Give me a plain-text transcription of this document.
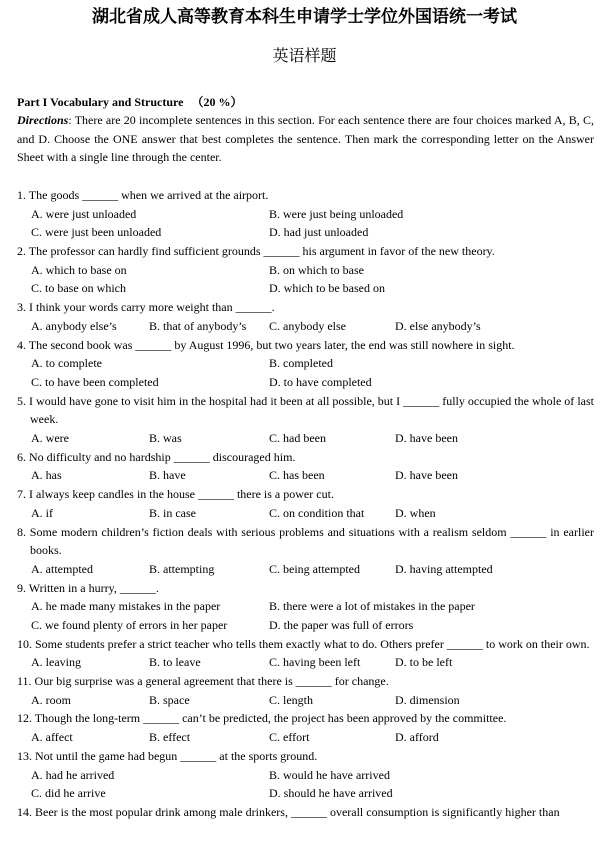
湖北省成人高等教育本科生申请学士学位外国语统一考试
英语样题
Part I Vocabulary and Structure （20 %）
Directions: There are 20 incomplete sentences in this section. For each sentence there are four choices marked A, B, C, and D. Choose the ONE answer that best completes the sentence. Then mark the corresponding letter on the Answer Sheet with a single line through the center.
1. The goods ______ when we arrived at the airport.
A. were just unloaded	B. were just being unloaded
C. were just been unloaded	D. had just unloaded
2. The professor can hardly find sufficient grounds ______ his argument in favor of the new theory.
A. which to base on	B. on which to base
C. to base on which	D. which to be based on
3. I think your words carry more weight than ______.
A. anybody else’s	B. that of anybody’s C. anybody else	D. else anybody’s
4. The second book was ______ by August 1996, but two years later, the end was still nowhere in sight.
A. to complete	B. completed
C. to have been completed	D. to have completed
5. I would have gone to visit him in the hospital had it been at all possible, but I ______ fully occupied the whole of last week.
A. were	B. was	C. had been	D. have been
6. No difficulty and no hardship ______ discouraged him.
A. has	B. have	C. has been	D. have been
7. I always keep candles in the house ______ there is a power cut.
A. if	B. in case	C. on condition that	D. when
8. Some modern children’s fiction deals with serious problems and situations with a realism seldom ______ in earlier books.
A. attempted	B. attempting	C. being attempted	D. having attempted
9. Written in a hurry, ______.
A. he made many mistakes in the paper	B. there were a lot of mistakes in the paper
C. we found plenty of errors in her paper	D. the paper was full of errors
10. Some students prefer a strict teacher who tells them exactly what to do. Others prefer ______ to work on their own.
A. leaving	B. to leave	C. having been left	D. to be left
11. Our big surprise was a general agreement that there is ______ for change.
A. room	B. space	C. length	D. dimension
12. Though the long-term ______ can’t be predicted, the project has been approved by the committee.
A. affect	B. effect	C. effort	D. afford
13. Not until the game had begun ______ at the sports ground.
A. had he arrived	B. would he have arrived
C. did he arrive	D. should he have arrived
14. Beer is the most popular drink among male drinkers, ______ overall consumption is significantly higher than
